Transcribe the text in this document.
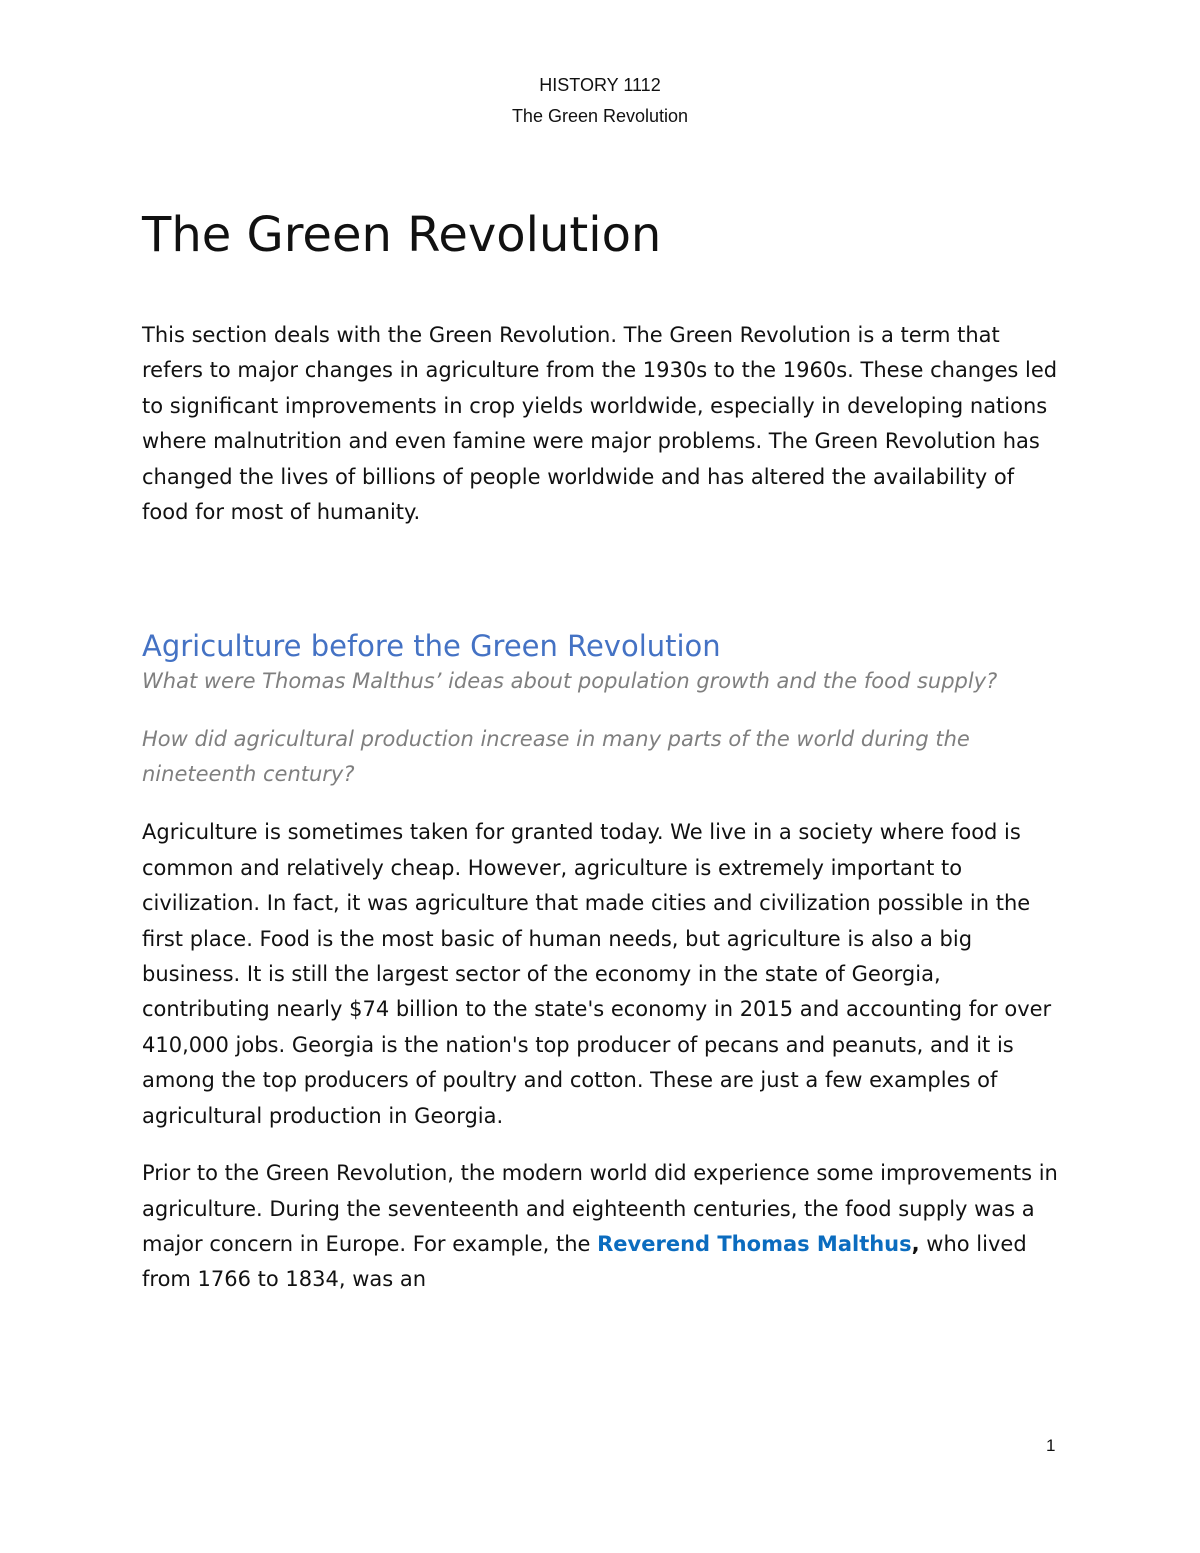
HISTORY 1112
The Green Revolution
The Green Revolution

This section deals with the Green Revolution. The Green Revolution is a term that refers to major changes in agriculture from the 1930s to the 1960s. These changes led to significant improvements in crop yields worldwide, especially in developing nations where malnutrition and even famine were major problems. The Green Revolution has changed the lives of billions of people worldwide and has altered the availability of food for most of humanity.

Agriculture before the Green Revolution

What were Thomas Malthus’ ideas about population growth and the food supply?

How did agricultural production increase in many parts of the world during the nineteenth century?

Agriculture is sometimes taken for granted today. We live in a society where food is common and relatively cheap. However, agriculture is extremely important to civilization. In fact, it was agriculture that made cities and civilization possible in the first place. Food is the most basic of human needs, but agriculture is also a big business. It is still the largest sector of the economy in the state of Georgia, contributing nearly $74 billion to the state's economy in 2015 and accounting for over 410,000 jobs. Georgia is the nation's top producer of pecans and peanuts, and it is among the top producers of poultry and cotton. These are just a few examples of agricultural production in Georgia.

Prior to the Green Revolution, the modern world did experience some improvements in agriculture. During the seventeenth and eighteenth centuries, the food supply was a major concern in Europe. For example, the Reverend Thomas Malthus, who lived from 1766 to 1834, was an

1
